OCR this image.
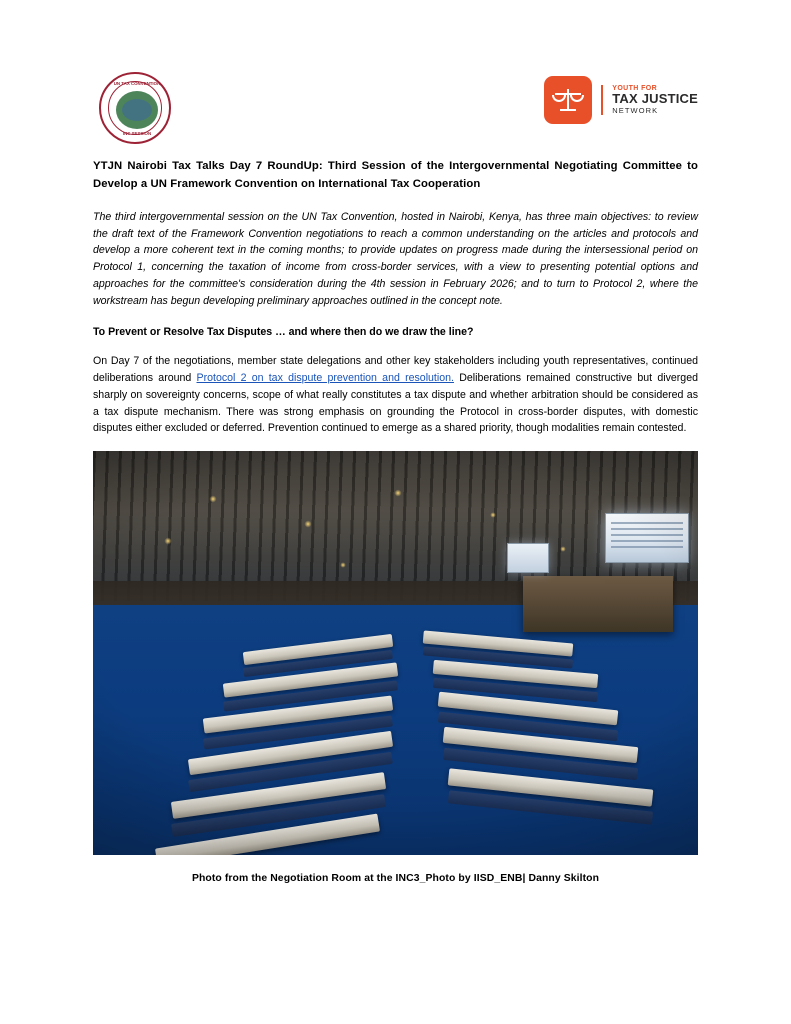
UN TAX CONVENTION
INC SESSION
YOUTH FOR
TAX JUSTICE
NETWORK
YTJN Nairobi Tax Talks Day 7 RoundUp: Third Session of the Intergovernmental Negotiating Committee to Develop a UN Framework Convention on International Tax Cooperation

The third intergovernmental session on the UN Tax Convention, hosted in Nairobi, Kenya, has three main objectives: to review the draft text of the Framework Convention negotiations to reach a common understanding on the articles and protocols and develop a more coherent text in the coming months; to provide updates on progress made during the intersessional period on Protocol 1, concerning the taxation of income from cross-border services, with a view to presenting potential options and approaches for the committee's consideration during the 4th session in February 2026; and to turn to Protocol 2, where the workstream has begun developing preliminary approaches outlined in the concept note.

To Prevent or Resolve Tax Disputes … and where then do we draw the line?

On Day 7 of the negotiations, member state delegations and other key stakeholders including youth representatives, continued deliberations around Protocol 2 on tax dispute prevention and resolution. Deliberations remained constructive but diverged sharply on sovereignty concerns, scope of what really constitutes a tax dispute and whether arbitration should be considered as a tax dispute mechanism. There was strong emphasis on grounding the Protocol in cross-border disputes, with domestic disputes either excluded or deferred. Prevention continued to emerge as a shared priority, though modalities remain contested.

Photo from the Negotiation Room at the INC3_Photo by IISD_ENB| Danny Skilton
